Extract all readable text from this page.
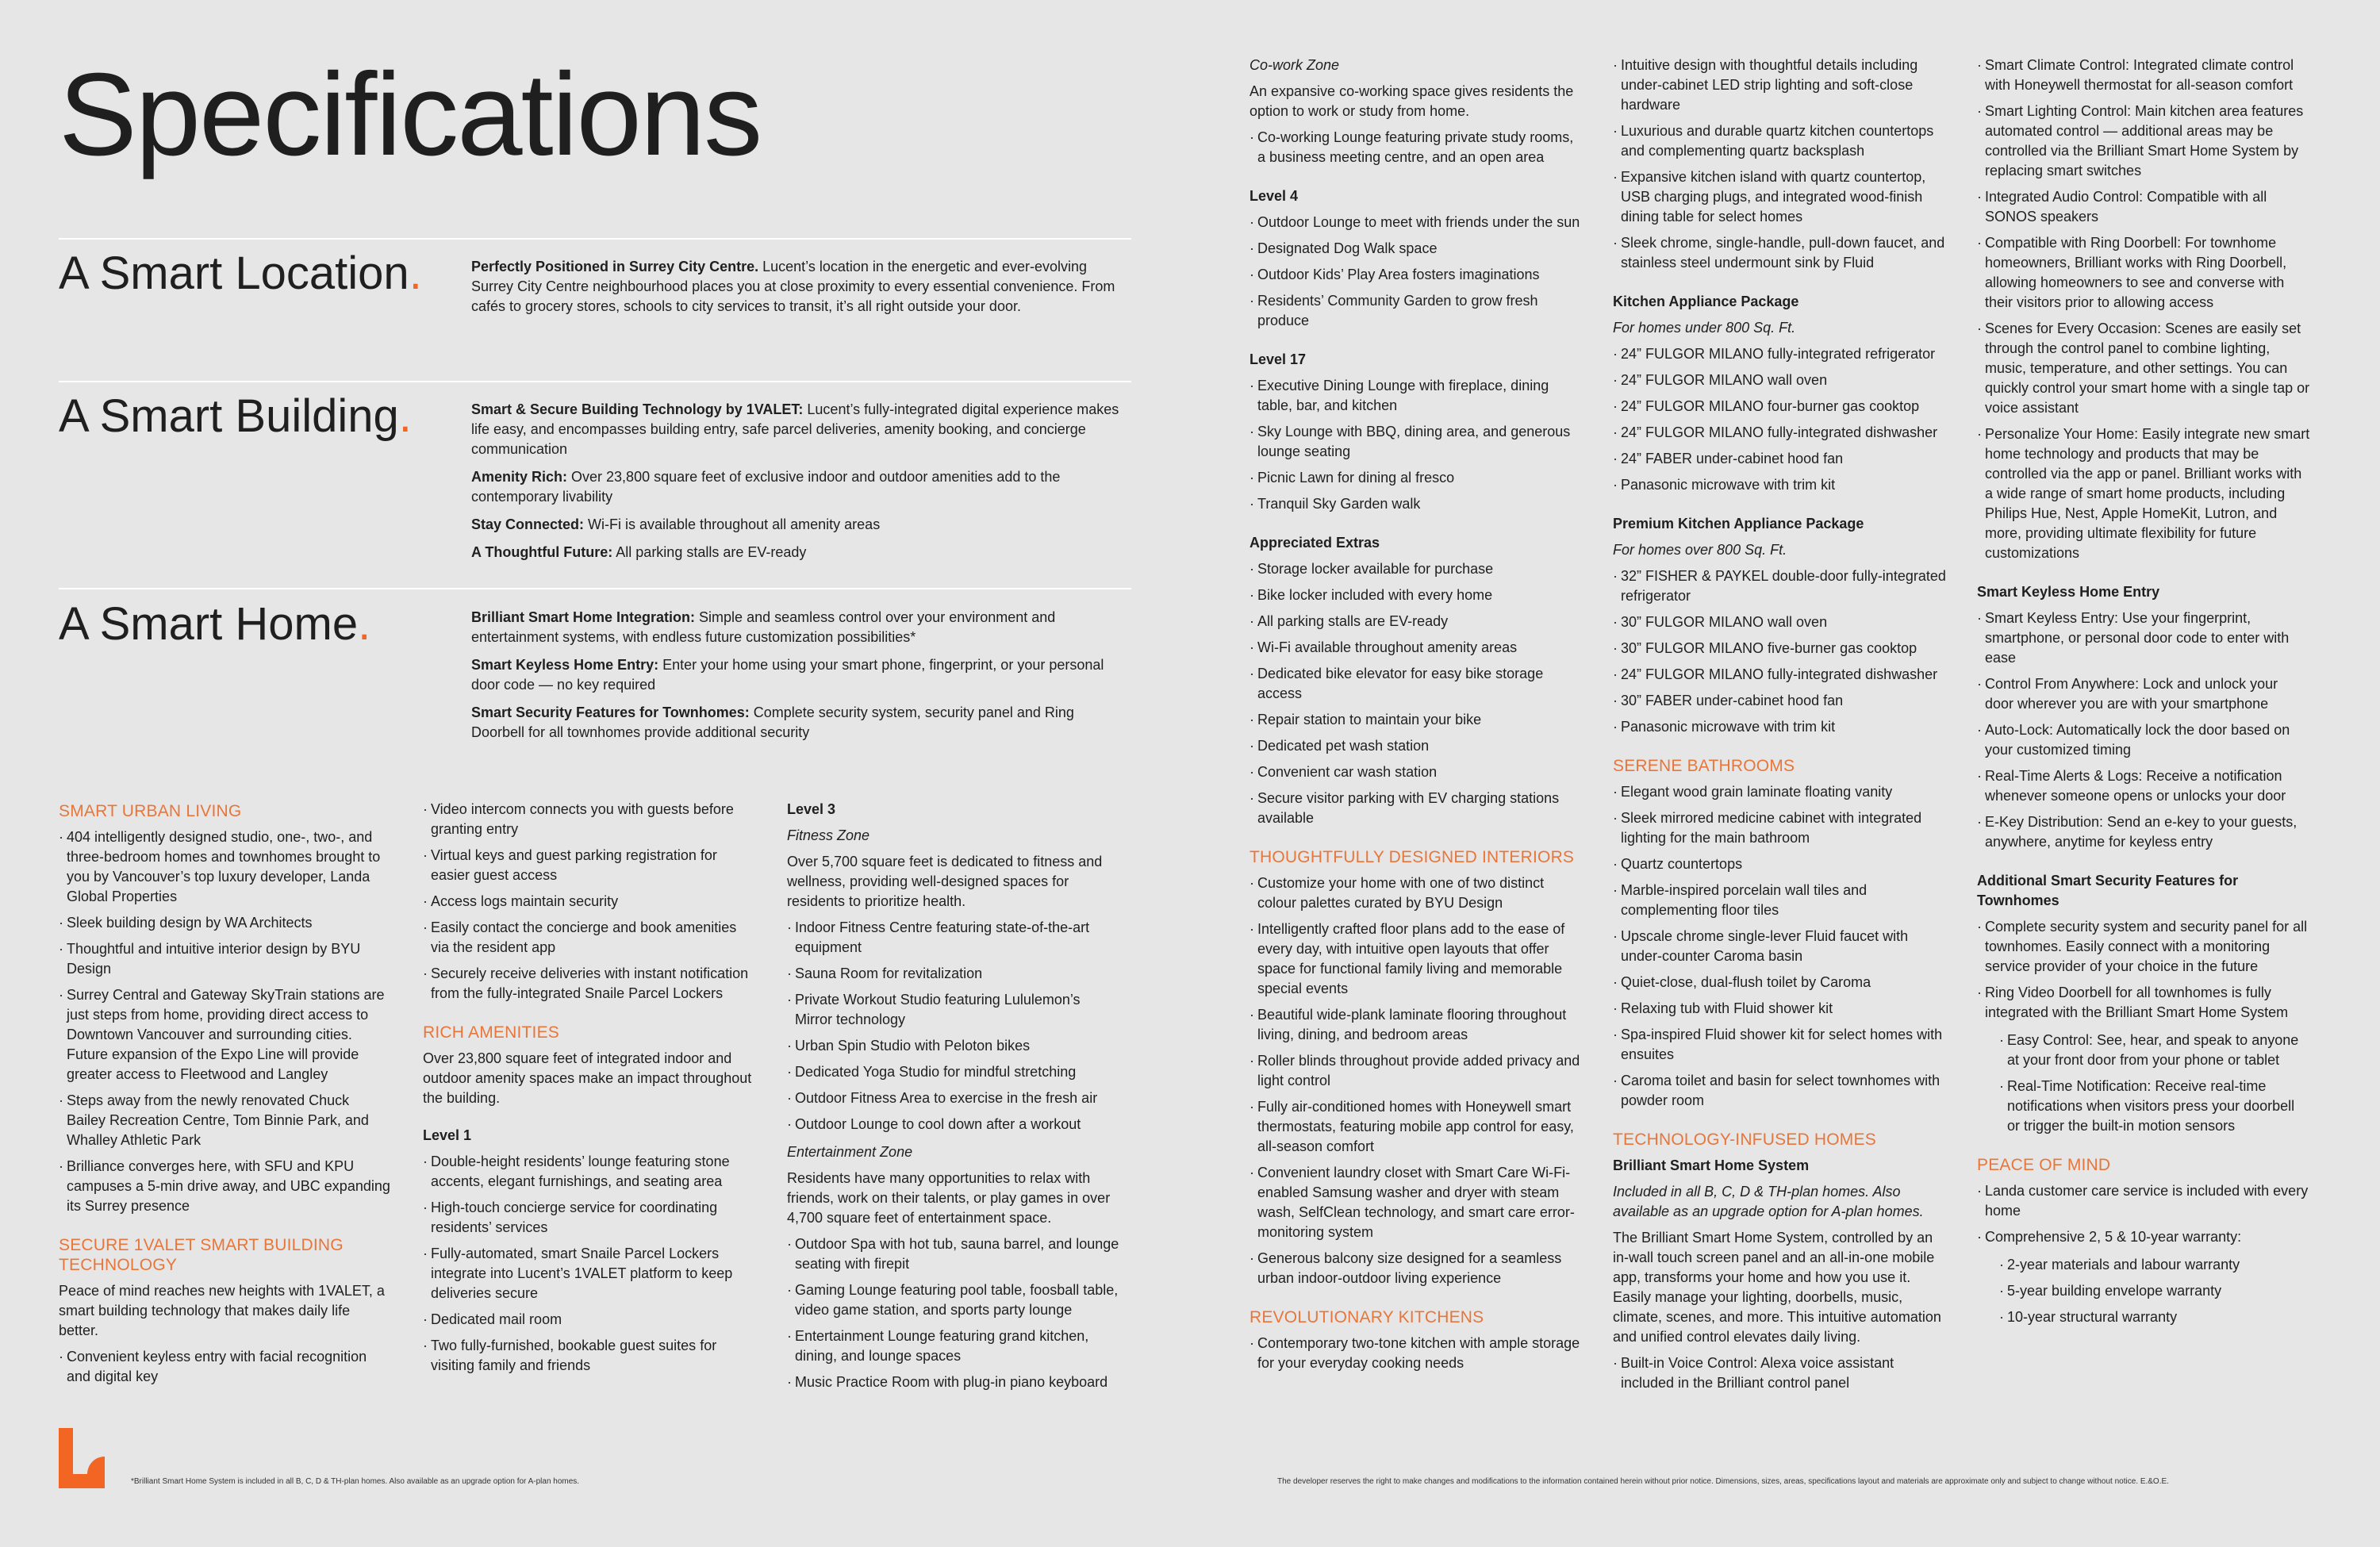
Specifications
A Smart Location.
A Smart Building.
A Smart Home.

Perfectly Positioned in Surrey City Centre. Lucent’s location in the energetic and ever-evolving Surrey City Centre neighbourhood places you at close proximity to every essential convenience. From cafés to grocery stores, schools to city services to transit, it’s all right outside your door.

Smart & Secure Building Technology by 1VALET: Lucent’s fully-integrated digital experience makes life easy, and encompasses building entry, safe parcel deliveries, amenity booking, and concierge communication

Amenity Rich: Over 23,800 square feet of exclusive indoor and outdoor amenities add to the contemporary livability

Stay Connected: Wi-Fi is available throughout all amenity areas

A Thoughtful Future: All parking stalls are EV-ready

Brilliant Smart Home Integration: Simple and seamless control over your environment and entertainment systems, with endless future customization possibilities*

Smart Keyless Home Entry: Enter your home using your smart phone, fingerprint, or your personal door code — no key required

Smart Security Features for Townhomes: Complete security system, security panel and Ring Doorbell for all townhomes provide additional security

SMART URBAN LIVING
· 404 intelligently designed studio, one-, two-, and three-bedroom homes and townhomes brought to you by Vancouver’s top luxury developer, Landa Global Properties
· Sleek building design by WA Architects
· Thoughtful and intuitive interior design by BYU Design
· Surrey Central and Gateway SkyTrain stations are just steps from home, providing direct access to Downtown Vancouver and surrounding cities. Future expansion of the Expo Line will provide greater access to Fleetwood and Langley
· Steps away from the newly renovated Chuck Bailey Recreation Centre, Tom Binnie Park, and Whalley Athletic Park
· Brilliance converges here, with SFU and KPU campuses a 5-min drive away, and UBC expanding its Surrey presence
SECURE 1VALET SMART BUILDING TECHNOLOGY
Peace of mind reaches new heights with 1VALET, a smart building technology that makes daily life better.
· Convenient keyless entry with facial recognition and digital key
· Video intercom connects you with guests before granting entry
· Virtual keys and guest parking registration for easier guest access
· Access logs maintain security
· Easily contact the concierge and book amenities via the resident app
· Securely receive deliveries with instant notification from the fully-integrated Snaile Parcel Lockers
RICH AMENITIES
Over 23,800 square feet of integrated indoor and outdoor amenity spaces make an impact throughout the building.
Level 1
· Double-height residents’ lounge featuring stone accents, elegant furnishings, and seating area
· High-touch concierge service for coordinating residents’ services
· Fully-automated, smart Snaile Parcel Lockers integrate into Lucent’s 1VALET platform to keep deliveries secure
· Dedicated mail room
· Two fully-furnished, bookable guest suites for visiting family and friends
Level 3
Fitness Zone
Over 5,700 square feet is dedicated to fitness and wellness, providing well-designed spaces for residents to prioritize health.
· Indoor Fitness Centre featuring state-of-the-art equipment
· Sauna Room for revitalization
· Private Workout Studio featuring Lululemon’s Mirror technology
· Urban Spin Studio with Peloton bikes
· Dedicated Yoga Studio for mindful stretching
· Outdoor Fitness Area to exercise in the fresh air
· Outdoor Lounge to cool down after a workout
Entertainment Zone
Residents have many opportunities to relax with friends, work on their talents, or play games in over 4,700 square feet of entertainment space.
· Outdoor Spa with hot tub, sauna barrel, and lounge seating with firepit
· Gaming Lounge featuring pool table, foosball table, video game station, and sports party lounge
· Entertainment Lounge featuring grand kitchen, dining, and lounge spaces
· Music Practice Room with plug-in piano keyboard
Co-work Zone
An expansive co-working space gives residents the option to work or study from home.
· Co-working Lounge featuring private study rooms, a business meeting centre, and an open area
Level 4
· Outdoor Lounge to meet with friends under the sun
· Designated Dog Walk space
· Outdoor Kids’ Play Area fosters imaginations
· Residents’ Community Garden to grow fresh produce
Level 17
· Executive Dining Lounge with fireplace, dining table, bar, and kitchen
· Sky Lounge with BBQ, dining area, and generous lounge seating
· Picnic Lawn for dining al fresco
· Tranquil Sky Garden walk
Appreciated Extras
· Storage locker available for purchase
· Bike locker included with every home
· All parking stalls are EV-ready
· Wi-Fi available throughout amenity areas
· Dedicated bike elevator for easy bike storage access
· Repair station to maintain your bike
· Dedicated pet wash station
· Convenient car wash station
· Secure visitor parking with EV charging stations available
THOUGHTFULLY DESIGNED INTERIORS
· Customize your home with one of two distinct colour palettes curated by BYU Design
· Intelligently crafted floor plans add to the ease of every day, with intuitive open layouts that offer space for functional family living and memorable special events
· Beautiful wide-plank laminate flooring throughout living, dining, and bedroom areas
· Roller blinds throughout provide added privacy and light control
· Fully air-conditioned homes with Honeywell smart thermostats, featuring mobile app control for easy, all-season comfort
· Convenient laundry closet with Smart Care Wi-Fi-enabled Samsung washer and dryer with steam wash, SelfClean technology, and smart care error-monitoring system
· Generous balcony size designed for a seamless urban indoor-outdoor living experience
REVOLUTIONARY KITCHENS
· Contemporary two-tone kitchen with ample storage for your everyday cooking needs
· Intuitive design with thoughtful details including under-cabinet LED strip lighting and soft-close hardware
· Luxurious and durable quartz kitchen countertops and complementing quartz backsplash
· Expansive kitchen island with quartz countertop, USB charging plugs, and integrated wood-finish dining table for select homes
· Sleek chrome, single-handle, pull-down faucet, and stainless steel undermount sink by Fluid
Kitchen Appliance Package
For homes under 800 Sq. Ft.
· 24” FULGOR MILANO fully-integrated refrigerator
· 24” FULGOR MILANO wall oven
· 24” FULGOR MILANO four-burner gas cooktop
· 24” FULGOR MILANO fully-integrated dishwasher
· 24” FABER under-cabinet hood fan
· Panasonic microwave with trim kit
Premium Kitchen Appliance Package
For homes over 800 Sq. Ft.
· 32” FISHER & PAYKEL double-door fully-integrated refrigerator
· 30” FULGOR MILANO wall oven
· 30” FULGOR MILANO five-burner gas cooktop
· 24” FULGOR MILANO fully-integrated dishwasher
· 30” FABER under-cabinet hood fan
· Panasonic microwave with trim kit
SERENE BATHROOMS
· Elegant wood grain laminate floating vanity
· Sleek mirrored medicine cabinet with integrated lighting for the main bathroom
· Quartz countertops
· Marble-inspired porcelain wall tiles and complementing floor tiles
· Upscale chrome single-lever Fluid faucet with under-counter Caroma basin
· Quiet-close, dual-flush toilet by Caroma
· Relaxing tub with Fluid shower kit
· Spa-inspired Fluid shower kit for select homes with ensuites
· Caroma toilet and basin for select townhomes with powder room
TECHNOLOGY-INFUSED HOMES
Brilliant Smart Home System
Included in all B, C, D & TH-plan homes. Also available as an upgrade option for A-plan homes.
The Brilliant Smart Home System, controlled by an in-wall touch screen panel and an all-in-one mobile app, transforms your home and how you use it. Easily manage your lighting, doorbells, music, climate, scenes, and more. This intuitive automation and unified control elevates daily living.
· Built-in Voice Control: Alexa voice assistant included in the Brilliant control panel
· Smart Climate Control: Integrated climate control with Honeywell thermostat for all-season comfort
· Smart Lighting Control: Main kitchen area features automated control — additional areas may be controlled via the Brilliant Smart Home System by replacing smart switches
· Integrated Audio Control: Compatible with all SONOS speakers
· Compatible with Ring Doorbell: For townhome homeowners, Brilliant works with Ring Doorbell, allowing homeowners to see and converse with their visitors prior to allowing access
· Scenes for Every Occasion: Scenes are easily set through the control panel to combine lighting, music, temperature, and other settings. You can quickly control your smart home with a single tap or voice assistant
· Personalize Your Home: Easily integrate new smart home technology and products that may be controlled via the app or panel. Brilliant works with a wide range of smart home products, including Philips Hue, Nest, Apple HomeKit, Lutron, and more, providing ultimate flexibility for future customizations
Smart Keyless Home Entry
· Smart Keyless Entry: Use your fingerprint, smartphone, or personal door code to enter with ease
· Control From Anywhere: Lock and unlock your door wherever you are with your smartphone
· Auto-Lock: Automatically lock the door based on your customized timing
· Real-Time Alerts & Logs: Receive a notification whenever someone opens or unlocks your door
· E-Key Distribution: Send an e-key to your guests, anywhere, anytime for keyless entry
Additional Smart Security Features for Townhomes
· Complete security system and security panel for all townhomes. Easily connect with a monitoring service provider of your choice in the future
· Ring Video Doorbell for all townhomes is fully integrated with the Brilliant Smart Home System
· Easy Control: See, hear, and speak to anyone at your front door from your phone or tablet
· Real-Time Notification: Receive real-time notifications when visitors press your doorbell or trigger the built-in motion sensors
PEACE OF MIND
· Landa customer care service is included with every home
· Comprehensive 2, 5 & 10-year warranty:
· 2-year materials and labour warranty
· 5-year building envelope warranty
· 10-year structural warranty
*Brilliant Smart Home System is included in all B, C, D & TH-plan homes. Also available as an upgrade option for A-plan homes.	The developer reserves the right to make changes and modifications to the information contained herein without prior notice. Dimensions, sizes, areas, specifications layout and materials are approximate only and subject to change without notice. E.&O.E.
